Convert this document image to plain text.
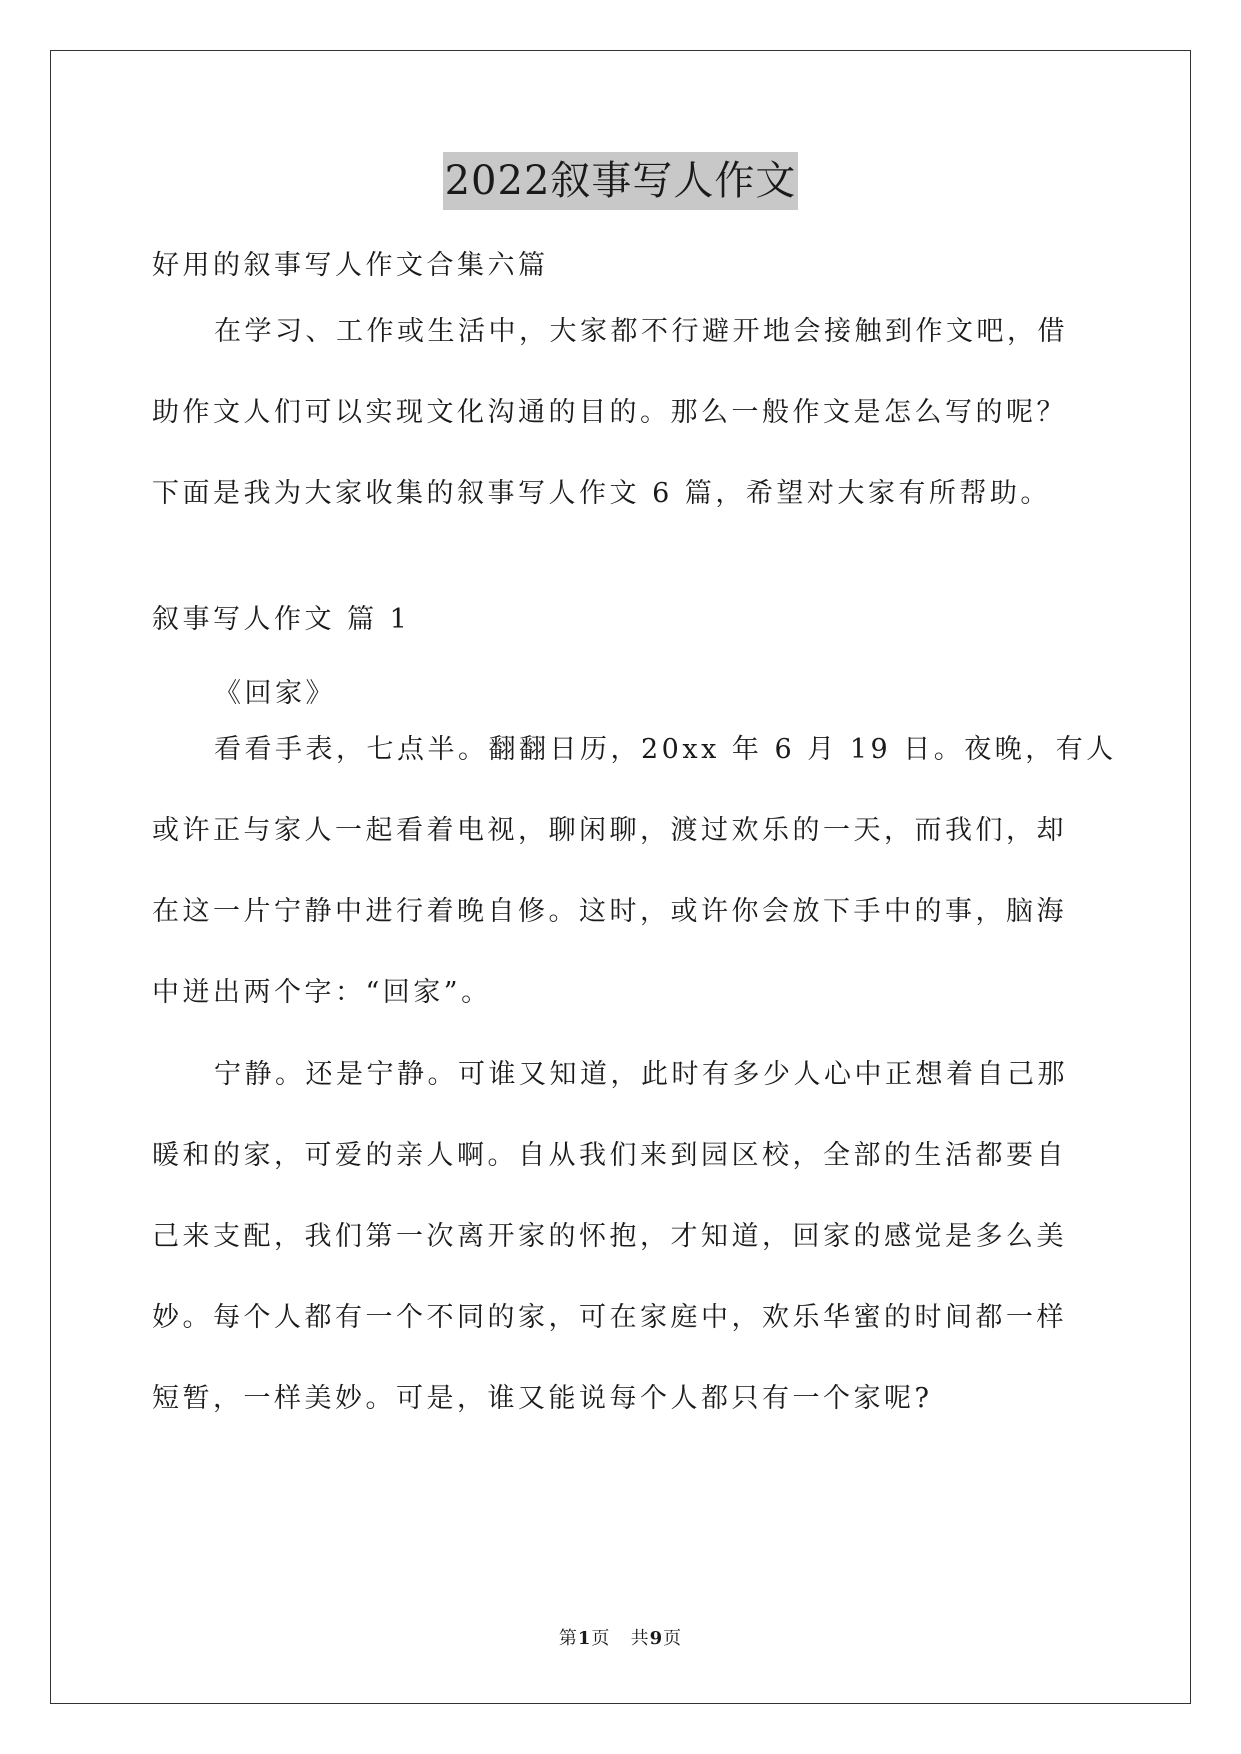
2022叙事写人作文
好用的叙事写人作文合集六篇
在学习、工作或生活中，大家都不行避开地会接触到作文吧，借
助作文人们可以实现文化沟通的目的。那么一般作文是怎么写的呢？
下面是我为大家收集的叙事写人作文 6 篇，希望对大家有所帮助。
叙事写人作文 篇 1
《回家》
看看手表，七点半。翻翻日历，20xx 年 6 月 19 日。夜晚，有人
或许正与家人一起看着电视，聊闲聊，渡过欢乐的一天，而我们，却
在这一片宁静中进行着晚自修。这时，或许你会放下手中的事，脑海
中迸出两个字：“回家”。
宁静。还是宁静。可谁又知道，此时有多少人心中正想着自己那
暖和的家，可爱的亲人啊。自从我们来到园区校，全部的生活都要自
己来支配，我们第一次离开家的怀抱，才知道，回家的感觉是多么美
妙。每个人都有一个不同的家，可在家庭中，欢乐华蜜的时间都一样
短暂，一样美妙。可是，谁又能说每个人都只有一个家呢?
第1页 共9页
